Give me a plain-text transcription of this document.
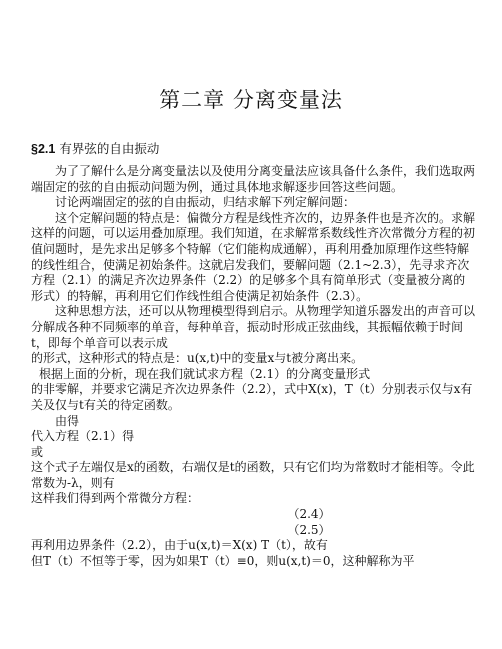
第二章 分离变量法
§2.1 有界弦的自由振动

为了了解什么是分离变量法以及使用分离变量法应该具备什么条件，我们选取两端固定的弦的自由振动问题为例，通过具体地求解逐步回答这些问题。

讨论两端固定的弦的自由振动，归结求解下列定解问题：

这个定解问题的特点是：偏微分方程是线性齐次的，边界条件也是齐次的。求解这样的问题，可以运用叠加原理。我们知道，在求解常系数线性齐次常微分方程的初值问题时，是先求出足够多个特解（它们能构成通解），再利用叠加原理作这些特解的线性组合，使满足初始条件。这就启发我们，要解问题（2.1~2.3），先寻求齐次方程（2.1）的满足齐次边界条件（2.2）的足够多个具有简单形式（变量被分离的形式）的特解，再利用它们作线性组合使满足初始条件（2.3）。

这种思想方法，还可以从物理模型得到启示。从物理学知道乐器发出的声音可以分解成各种不同频率的单音，每种单音，振动时形成正弦曲线，其振幅依赖于时间t，即每个单音可以表示成

的形式，这种形式的特点是：u(x,t)中的变量x与t被分离出来。

根据上面的分析，现在我们就试求方程（2.1）的分离变量形式

的非零解，并要求它满足齐次边界条件（2.2），式中X(x)，T（t）分别表示仅与x有关及仅与t有关的待定函数。

由得

代入方程（2.1）得

或

这个式子左端仅是x的函数，右端仅是t的函数，只有它们均为常数时才能相等。令此常数为-λ，则有

这样我们得到两个常微分方程：

（2.4）

（2.5）

再利用边界条件（2.2），由于u(x,t)＝X(x) T（t），故有

但T（t）不恒等于零，因为如果T（t）≡0，则u(x,t)＝0，这种解称为平
